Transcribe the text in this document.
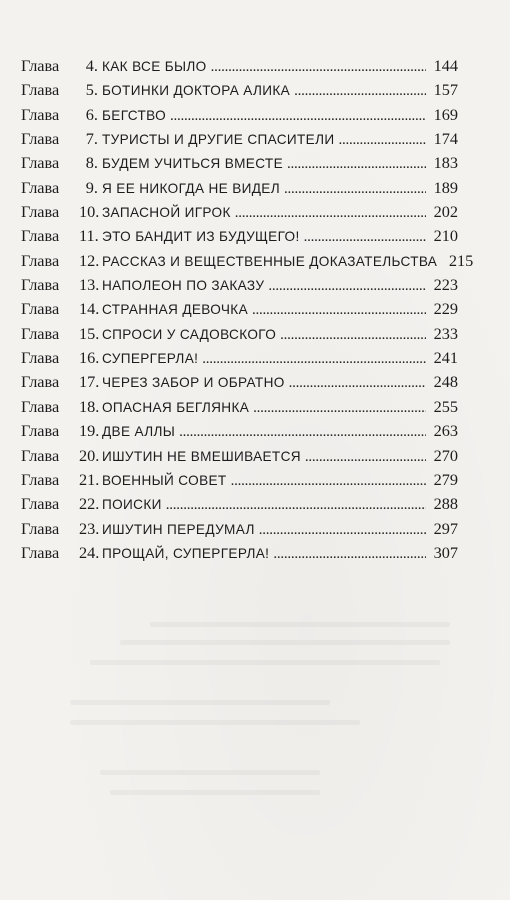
Глава	4. КАК ВСЕ БЫЛО . . .	144
Глава	5. БОТИНКИ ДОКТОРА АЛИКА . . .	157
Глава	6. БЕГСТВО . . .	169
Глава	7. ТУРИСТЫ И ДРУГИЕ СПАСИТЕЛИ . . .	174
Глава	8. БУДЕМ УЧИТЬСЯ ВМЕСТЕ . . .	183
Глава	9. Я ЕЕ НИКОГДА НЕ ВИДЕЛ . . .	189
Глава	10. ЗАПАСНОЙ ИГРОК . . .	202
Глава	11. ЭТО БАНДИТ ИЗ БУДУЩЕГО! . . .	210
Глава	12. РАССКАЗ И ВЕЩЕСТВЕННЫЕ ДОКАЗАТЕЛЬСТВА 215
Глава	13. НАПОЛЕОН ПО ЗАКАЗУ . . .	223
Глава	14. СТРАННАЯ ДЕВОЧКА . . .	229
Глава	15. СПРОСИ У САДОВСКОГО . . .	233
Глава	16. СУПЕРГЕРЛА! . . .	241
Глава	17. ЧЕРЕЗ ЗАБОР И ОБРАТНО . . .	248
Глава	18. ОПАСНАЯ БЕГЛЯНКА . . .	255
Глава	19. ДВЕ АЛЛЫ . . .	263
Глава	20. ИШУТИН НЕ ВМЕШИВАЕТСЯ . . .	270
Глава	21. ВОЕННЫЙ СОВЕТ . . .	279
Глава	22. ПОИСКИ . . .	288
Глава	23. ИШУТИН ПЕРЕДУМАЛ . . .	297
Глава	24. ПРОЩАЙ, СУПЕРГЕРЛА! . . .	307
